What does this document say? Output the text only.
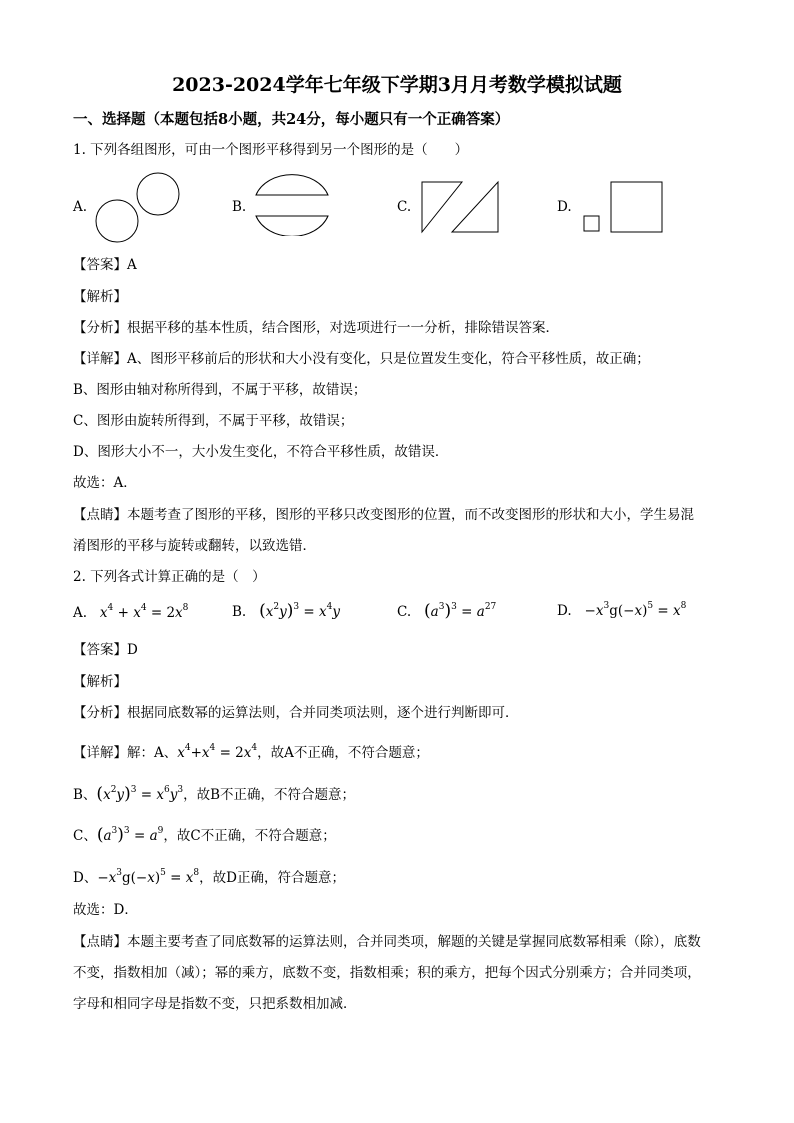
2023-2024学年七年级下学期3月月考数学模拟试题
一、选择题（本题包括8小题，共24分，每小题只有一个正确答案）
1. 下列各组图形，可由一个图形平移得到另一个图形的是（　　）
A.	B.	C.	D.
【答案】A
【解析】
【分析】根据平移的基本性质，结合图形，对选项进行一一分析，排除错误答案．
【详解】A、图形平移前后的形状和大小没有变化，只是位置发生变化，符合平移性质，故正确；
B、图形由轴对称所得到，不属于平移，故错误；
C、图形由旋转所得到，不属于平移，故错误；
D、图形大小不一，大小发生变化，不符合平移性质，故错误．
故选：A．
【点睛】本题考查了图形的平移，图形的平移只改变图形的位置，而不改变图形的形状和大小，学生易混
淆图形的平移与旋转或翻转，以致选错．
2. 下列各式计算正确的是（　）
A.   $x^4 + x^4 = 2x^8$	B. $(x^2y)^3 = x^4y$	C. $(a^3)^3 = a^{27}$	D. $-x^3g(-x)^5 = x^8$
【答案】D
【解析】
【分析】根据同底数幂的运算法则，合并同类项法则，逐个进行判断即可．
【详解】解：A、$x^4+x^4 = 2x^4$，故A不正确，不符合题意；
B、$(x^2y)^3 = x^6y^3$，故B不正确，不符合题意；
C、$(a^3)^3 = a^9$，故C不正确，不符合题意；
D、$-x^3g(-x)^5 = x^8$，故D正确，符合题意；
故选：D．
【点睛】本题主要考查了同底数幂的运算法则，合并同类项，解题的关键是掌握同底数幂相乘（除），底数
不变，指数相加（减）；幂的乘方，底数不变，指数相乘；积的乘方，把每个因式分别乘方；合并同类项，
字母和相同字母是指数不变，只把系数相加减．
